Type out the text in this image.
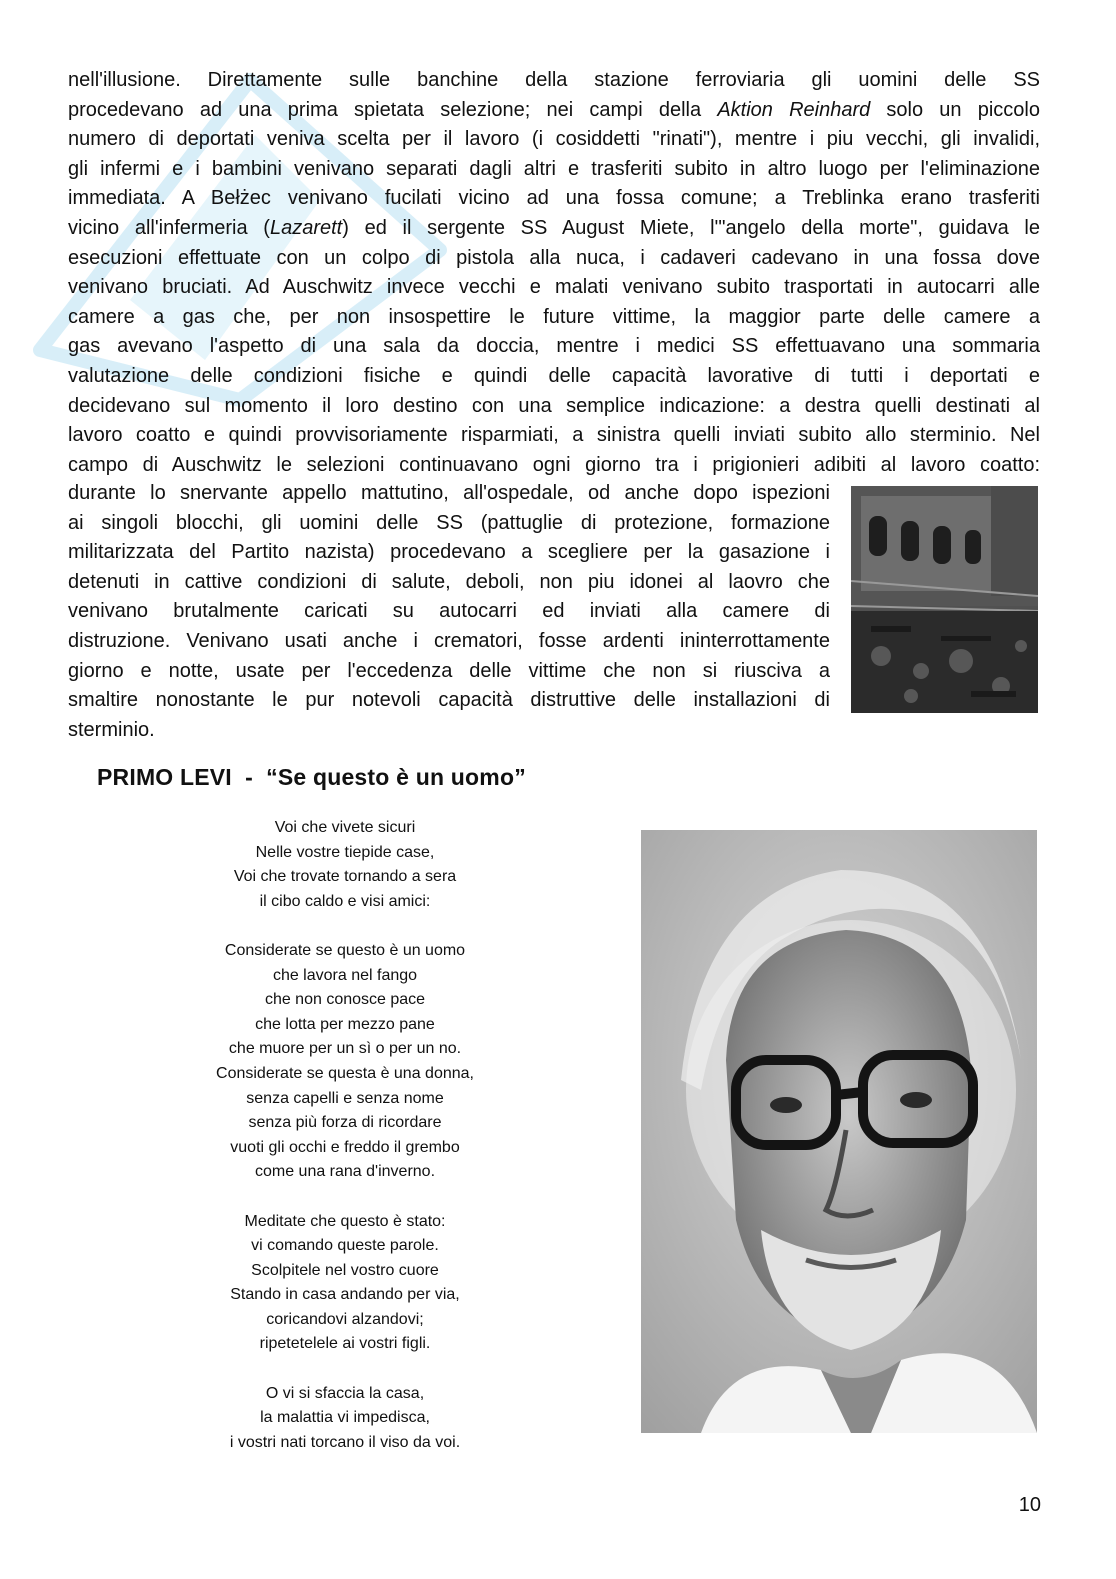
nell'illusione. Direttamente sulle banchine della stazione ferroviaria gli uomini delle SS
procedevano ad una prima spietata selezione; nei campi della Aktion Reinhard solo un piccolo
numero di deportati veniva scelta per il lavoro (i cosiddetti "rinati"), mentre i piu vecchi, gli invalidi,
gli infermi e i bambini venivano separati dagli altri e trasferiti subito in altro luogo per l'eliminazione
immediata. A Bełżec venivano fucilati vicino ad una fossa comune; a Treblinka erano trasferiti
vicino all'infermeria (Lazarett) ed il sergente SS August Miete, l'"angelo della morte", guidava le
esecuzioni effettuate con un colpo di pistola alla nuca, i cadaveri cadevano in una fossa dove
venivano bruciati. Ad Auschwitz invece vecchi e malati venivano subito trasportati in autocarri alle
camere a gas che, per non insospettire le future vittime, la maggior parte delle camere a
gas avevano l'aspetto di una sala da doccia, mentre i medici SS effettuavano una sommaria
valutazione delle condizioni fisiche e quindi delle capacità lavorative di tutti i deportati e
decidevano sul momento il loro destino con una semplice indicazione: a destra quelli destinati al
lavoro coatto e quindi provvisoriamente risparmiati, a sinistra quelli inviati subito allo sterminio. Nel
campo di Auschwitz le selezioni continuavano ogni giorno tra i prigionieri adibiti al lavoro coatto:
durante lo snervante appello mattutino, all'ospedale, od anche dopo ispezioni
ai singoli blocchi, gli uomini delle SS (pattuglie di protezione, formazione
militarizzata del Partito nazista) procedevano a scegliere per la gasazione i
detenuti in cattive condizioni di salute, deboli, non piu idonei al laovro che
venivano brutalmente caricati su autocarri ed inviati alla camere di
distruzione. Venivano usati anche i crematori, fosse ardenti ininterrottamente
giorno e notte, usate per l'eccedenza delle vittime che non si riusciva a
smaltire nonostante le pur notevoli capacità distruttive delle installazioni di
sterminio.
PRIMO LEVI  -  “Se questo è un uomo”
Voi che vivete sicuri
Nelle vostre tiepide case,
Voi che trovate tornando a sera
il cibo caldo e visi amici:
Considerate se questo è un uomo
che lavora nel fango
che non conosce pace
che lotta per mezzo pane
che muore per un sì o per un no.
Considerate se questa è una donna,
senza capelli e senza nome
senza più forza di ricordare
vuoti gli occhi e freddo il grembo
come una rana d'inverno.
Meditate che questo è stato:
vi comando queste parole.
Scolpitele nel vostro cuore
Stando in casa andando per via,
coricandovi alzandovi;
ripetetelele ai vostri figli.
O vi si sfaccia la casa,
la malattia vi impedisca,
i vostri nati torcano il viso da voi.
10
